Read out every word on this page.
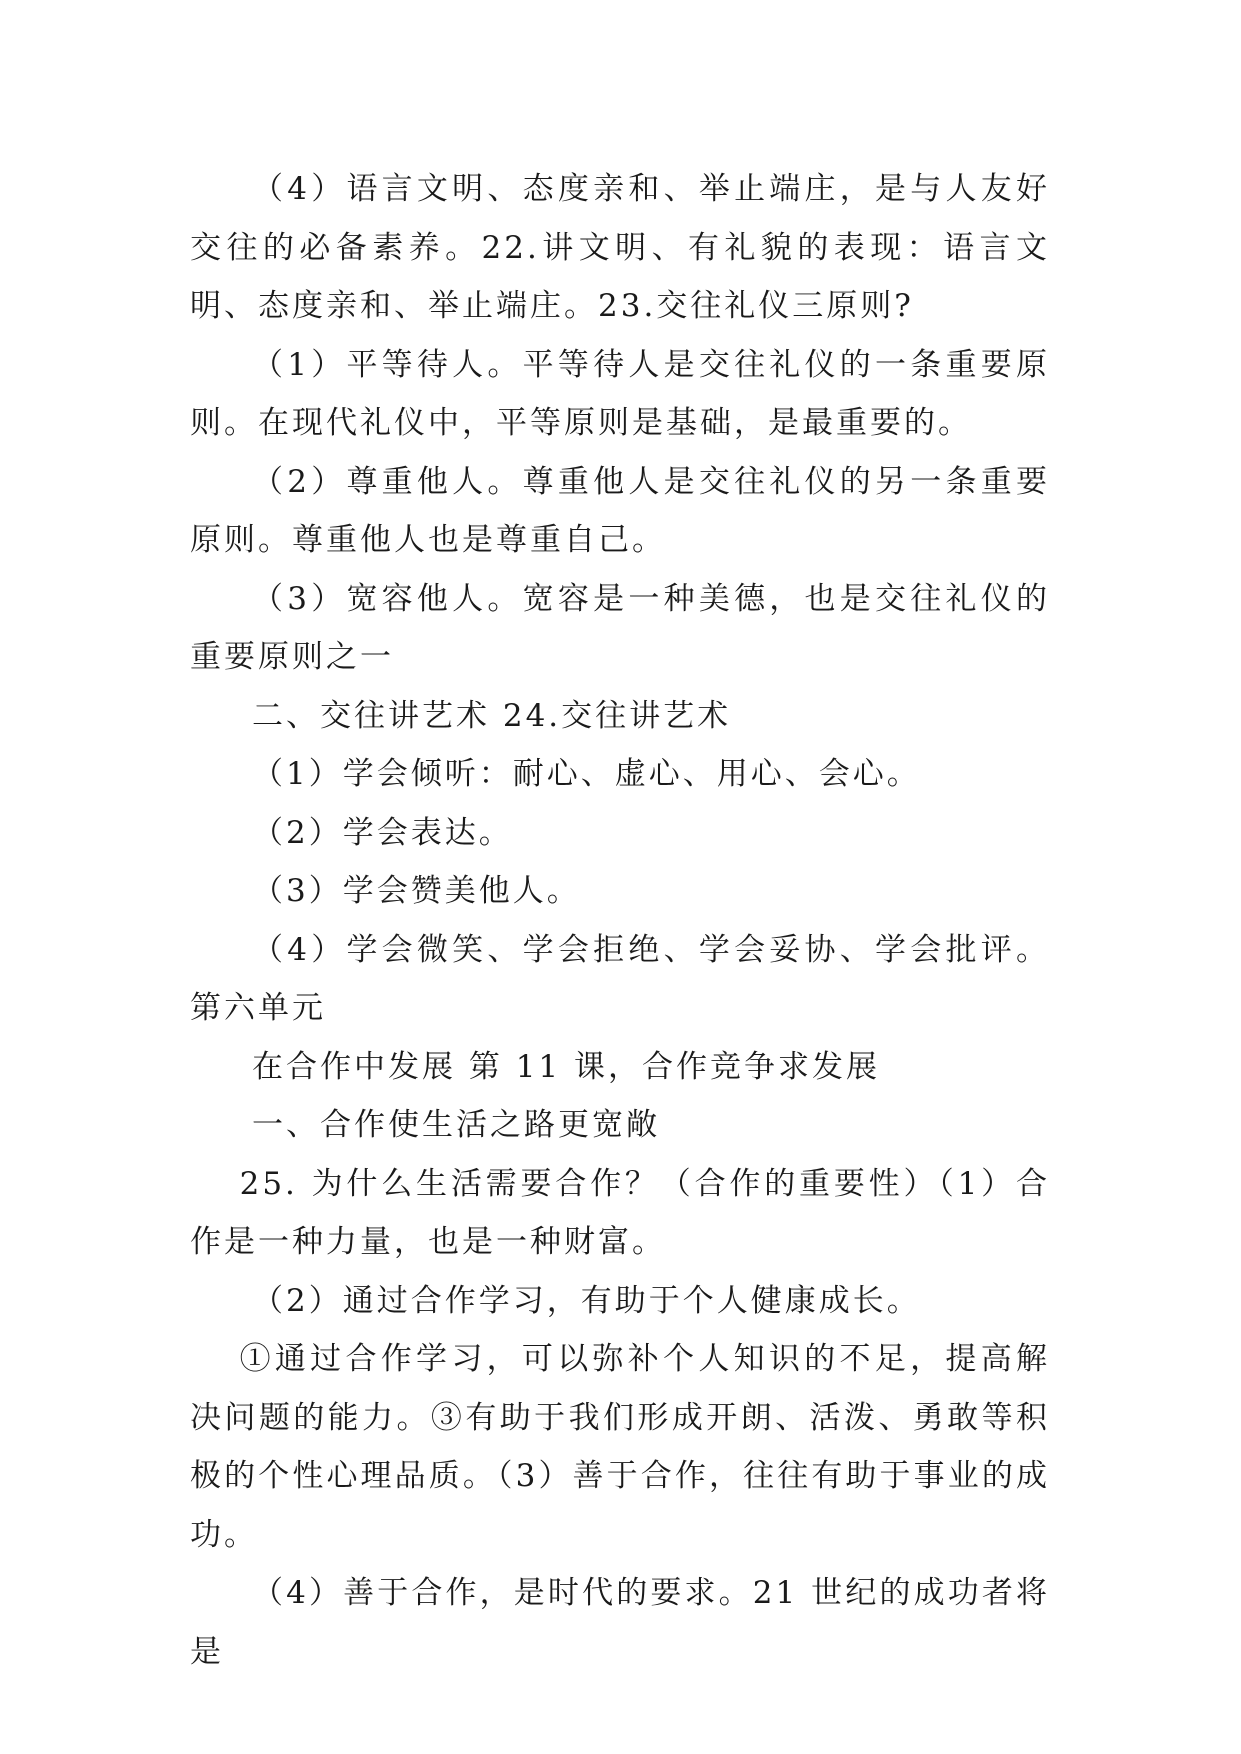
（4）语言文明、态度亲和、举止端庄，是与人友好交往的必备素养。22.讲文明、有礼貌的表现：语言文明、态度亲和、举止端庄。23.交往礼仪三原则?

（1）平等待人。平等待人是交往礼仪的一条重要原则。在现代礼仪中，平等原则是基础，是最重要的。

（2）尊重他人。尊重他人是交往礼仪的另一条重要原则。尊重他人也是尊重自己。

（3）宽容他人。宽容是一种美德，也是交往礼仪的重要原则之一

二、交往讲艺术 24.交往讲艺术

（1）学会倾听：耐心、虚心、用心、会心。

（2）学会表达。

（3）学会赞美他人。

（4）学会微笑、学会拒绝、学会妥协、学会批评。第六单元

在合作中发展 第 11 课，合作竞争求发展

一、合作使生活之路更宽敞

25. 为什么生活需要合作？（合作的重要性）（1）合作是一种力量，也是一种财富。

（2）通过合作学习，有助于个人健康成长。

①通过合作学习，可以弥补个人知识的不足，提高解决问题的能力。③有助于我们形成开朗、活泼、勇敢等积极的个性心理品质。（3）善于合作，往往有助于事业的成功。

（4）善于合作，是时代的要求。21 世纪的成功者将是
